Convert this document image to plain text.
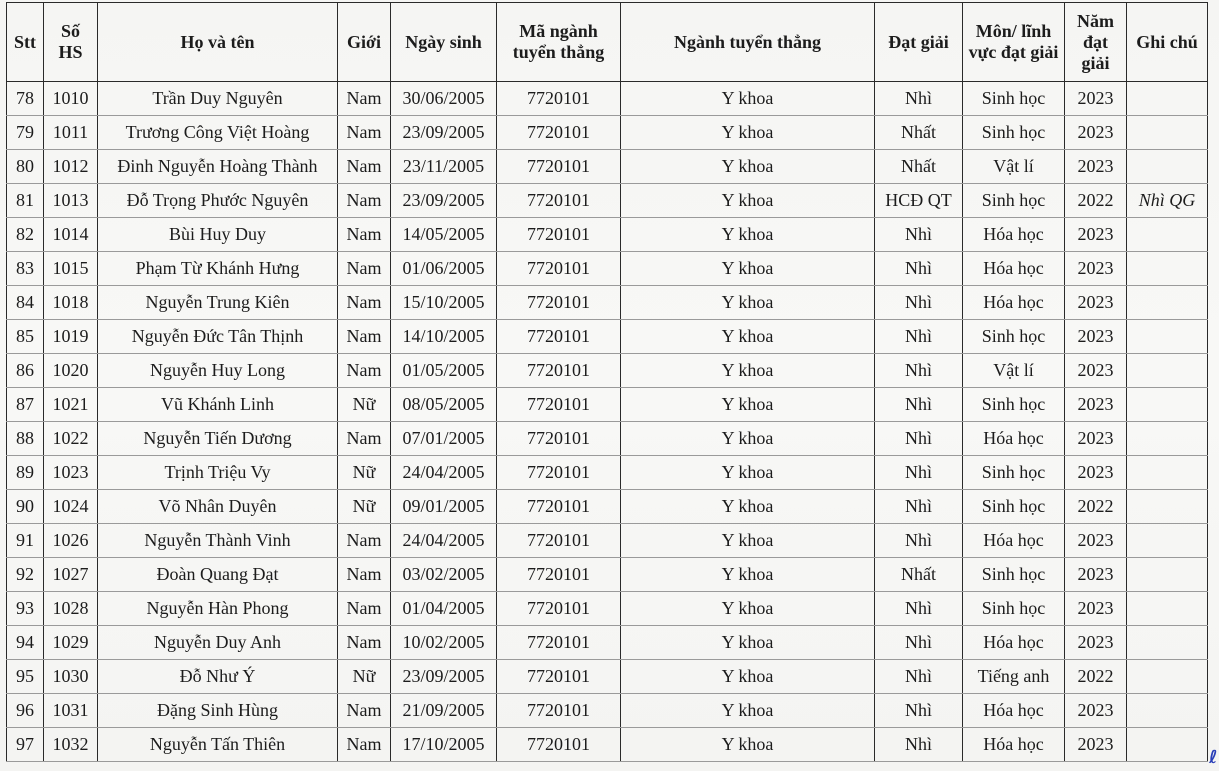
Stt	Số HS	Họ và tên	Giới	Ngày sinh	Mã ngành tuyển thẳng	Ngành tuyển thẳng	Đạt giải	Môn/ lĩnh vực đạt giải	Năm đạt giải	Ghi chú
78	1010	Trần Duy Nguyên	Nam	30/06/2005	7720101	Y khoa	Nhì	Sinh học	2023	
79	1011	Trương Công Việt Hoàng	Nam	23/09/2005	7720101	Y khoa	Nhất	Sinh học	2023	
80	1012	Đinh Nguyễn Hoàng Thành	Nam	23/11/2005	7720101	Y khoa	Nhất	Vật lí	2023	
81	1013	Đỗ Trọng Phước Nguyên	Nam	23/09/2005	7720101	Y khoa	HCĐ QT	Sinh học	2022	Nhì QG
82	1014	Bùi Huy Duy	Nam	14/05/2005	7720101	Y khoa	Nhì	Hóa học	2023	
83	1015	Phạm Từ Khánh Hưng	Nam	01/06/2005	7720101	Y khoa	Nhì	Hóa học	2023	
84	1018	Nguyễn Trung Kiên	Nam	15/10/2005	7720101	Y khoa	Nhì	Hóa học	2023	
85	1019	Nguyễn Đức Tân Thịnh	Nam	14/10/2005	7720101	Y khoa	Nhì	Sinh học	2023	
86	1020	Nguyễn Huy Long	Nam	01/05/2005	7720101	Y khoa	Nhì	Vật lí	2023	
87	1021	Vũ Khánh Linh	Nữ	08/05/2005	7720101	Y khoa	Nhì	Sinh học	2023	
88	1022	Nguyễn Tiến Dương	Nam	07/01/2005	7720101	Y khoa	Nhì	Hóa học	2023	
89	1023	Trịnh Triệu Vy	Nữ	24/04/2005	7720101	Y khoa	Nhì	Sinh học	2023	
90	1024	Võ Nhân Duyên	Nữ	09/01/2005	7720101	Y khoa	Nhì	Sinh học	2022	
91	1026	Nguyễn Thành Vinh	Nam	24/04/2005	7720101	Y khoa	Nhì	Hóa học	2023	
92	1027	Đoàn Quang Đạt	Nam	03/02/2005	7720101	Y khoa	Nhất	Sinh học	2023	
93	1028	Nguyễn Hàn Phong	Nam	01/04/2005	7720101	Y khoa	Nhì	Sinh học	2023	
94	1029	Nguyễn Duy Anh	Nam	10/02/2005	7720101	Y khoa	Nhì	Hóa học	2023	
95	1030	Đỗ Như Ý	Nữ	23/09/2005	7720101	Y khoa	Nhì	Tiếng anh	2022	
96	1031	Đặng Sinh Hùng	Nam	21/09/2005	7720101	Y khoa	Nhì	Hóa học	2023	
97	1032	Nguyễn Tấn Thiên	Nam	17/10/2005	7720101	Y khoa	Nhì	Hóa học	2023	
ℓ
